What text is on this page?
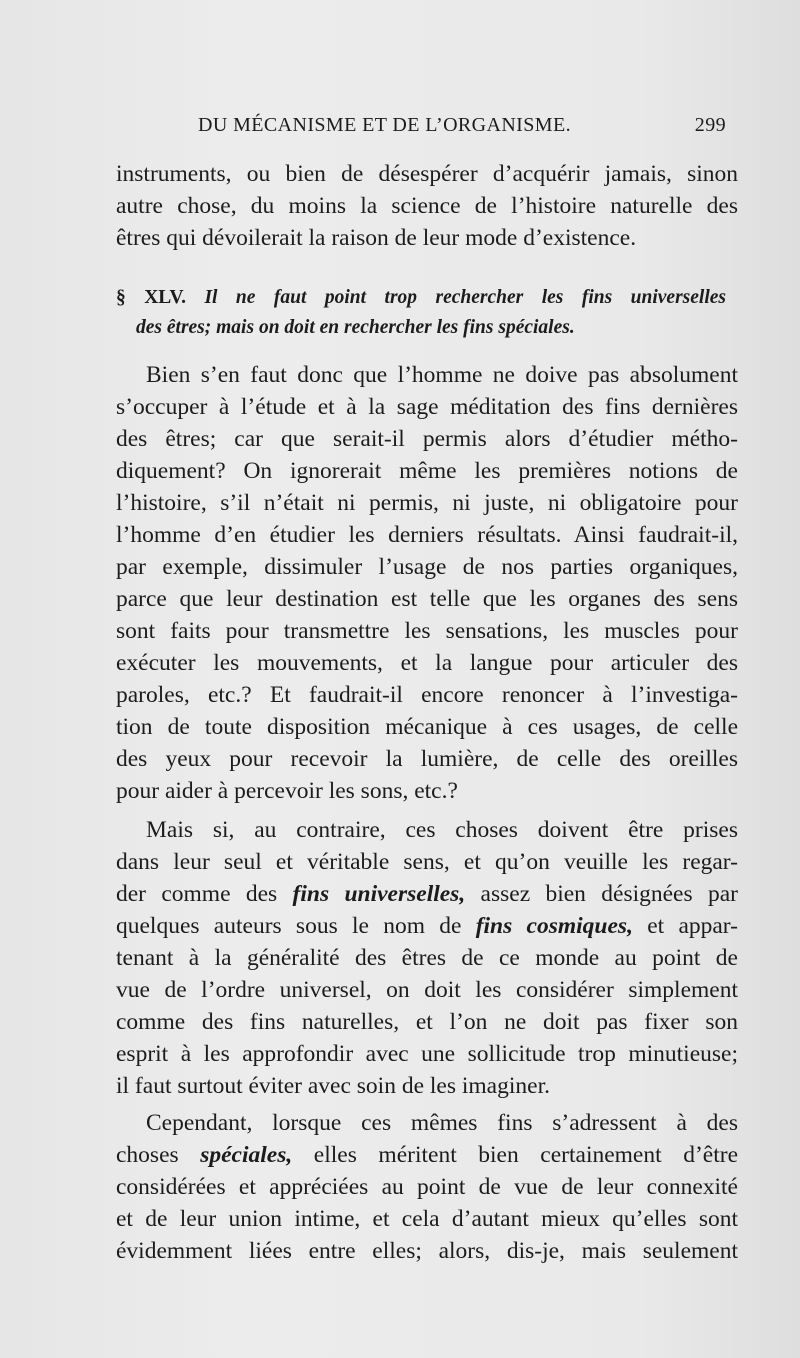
DU MÉCANISME ET DE L’ORGANISME.	299
instruments, ou bien de désespérer d’acquérir jamais, sinon
autre chose, du moins la science de l’histoire naturelle des
êtres qui dévoilerait la raison de leur mode d’existence.
§ XLV. Il ne faut point trop rechercher les fins universelles
des êtres; mais on doit en rechercher les fins spéciales.
Bien s’en faut donc que l’homme ne doive pas absolument
s’occuper à l’étude et à la sage méditation des fins dernières
des êtres; car que serait-il permis alors d’étudier métho-
diquement? On ignorerait même les premières notions de
l’histoire, s’il n’était ni permis, ni juste, ni obligatoire pour
l’homme d’en étudier les derniers résultats. Ainsi faudrait-il,
par exemple, dissimuler l’usage de nos parties organiques,
parce que leur destination est telle que les organes des sens
sont faits pour transmettre les sensations, les muscles pour
exécuter les mouvements, et la langue pour articuler des
paroles, etc.? Et faudrait-il encore renoncer à l’investiga-
tion de toute disposition mécanique à ces usages, de celle
des yeux pour recevoir la lumière, de celle des oreilles
pour aider à percevoir les sons, etc.?
Mais si, au contraire, ces choses doivent être prises
dans leur seul et véritable sens, et qu’on veuille les regar-
der comme des fins universelles, assez bien désignées par
quelques auteurs sous le nom de fins cosmiques, et appar-
tenant à la généralité des êtres de ce monde au point de
vue de l’ordre universel, on doit les considérer simplement
comme des fins naturelles, et l’on ne doit pas fixer son
esprit à les approfondir avec une sollicitude trop minutieuse;
il faut surtout éviter avec soin de les imaginer.
Cependant, lorsque ces mêmes fins s’adressent à des
choses spéciales, elles méritent bien certainement d’être
considérées et appréciées au point de vue de leur connexité
et de leur union intime, et cela d’autant mieux qu’elles sont
évidemment liées entre elles; alors, dis-je, mais seulement
